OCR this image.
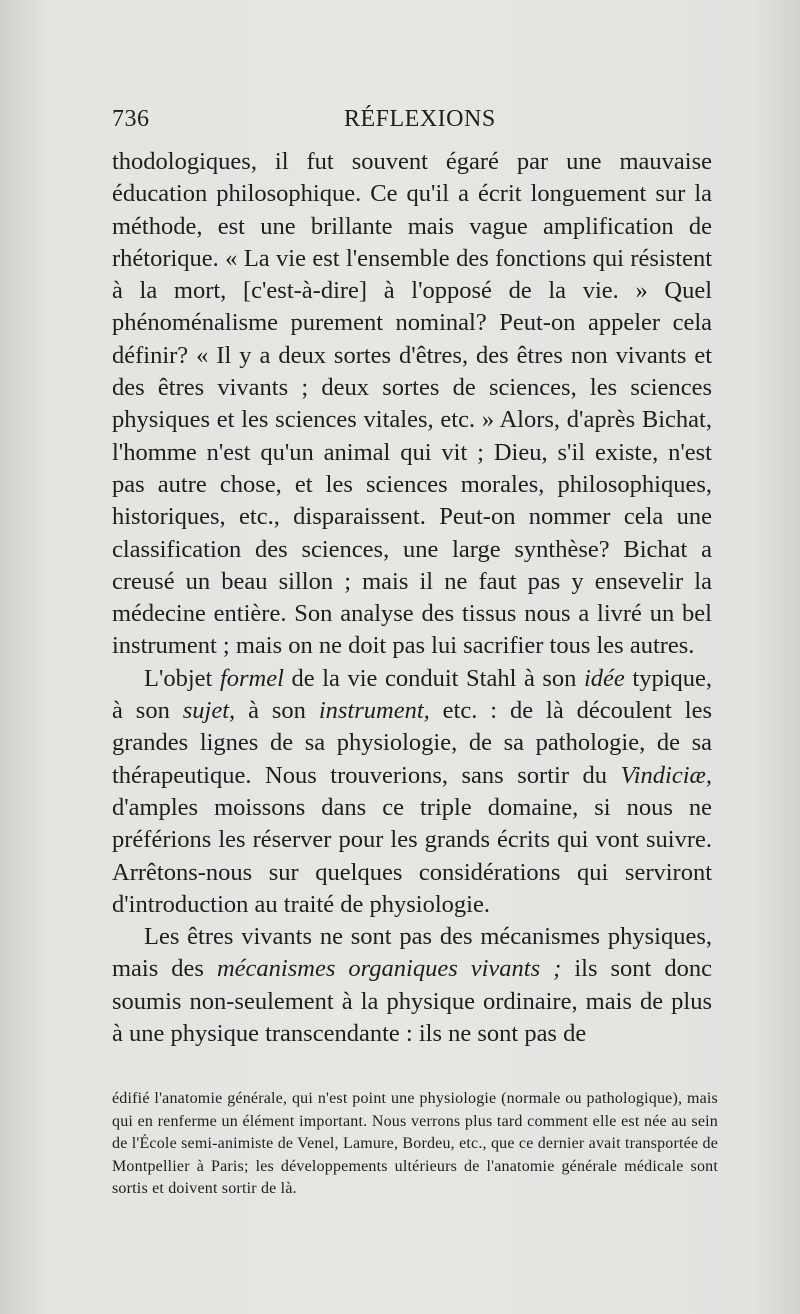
736	RÉFLEXIONS

thodologiques, il fut souvent égaré par une mauvaise éducation philosophique. Ce qu'il a écrit longuement sur la méthode, est une brillante mais vague amplification de rhétorique. « La vie est l'ensemble des fonctions qui résistent à la mort, [c'est-à-dire] à l'opposé de la vie. » Quel phénoménalisme purement nominal? Peut-on appeler cela définir? « Il y a deux sortes d'êtres, des êtres non vivants et des êtres vivants ; deux sortes de sciences, les sciences physiques et les sciences vitales, etc. » Alors, d'après Bichat, l'homme n'est qu'un animal qui vit ; Dieu, s'il existe, n'est pas autre chose, et les sciences morales, philosophiques, historiques, etc., disparaissent. Peut-on nommer cela une classification des sciences, une large synthèse? Bichat a creusé un beau sillon ; mais il ne faut pas y ensevelir la médecine entière. Son analyse des tissus nous a livré un bel instrument ; mais on ne doit pas lui sacrifier tous les autres.

L'objet formel de la vie conduit Stahl à son idée typique, à son sujet, à son instrument, etc. : de là découlent les grandes lignes de sa physiologie, de sa pathologie, de sa thérapeutique. Nous trouverions, sans sortir du Vindiciæ, d'amples moissons dans ce triple domaine, si nous ne préférions les réserver pour les grands écrits qui vont suivre. Arrêtons-nous sur quelques considérations qui serviront d'introduction au traité de physiologie.

Les êtres vivants ne sont pas des mécanismes physiques, mais des mécanismes organiques vivants ; ils sont donc soumis non-seulement à la physique ordinaire, mais de plus à une physique transcendante : ils ne sont pas de

édifié l'anatomie générale, qui n'est point une physiologie (normale ou pathologique), mais qui en renferme un élément important. Nous verrons plus tard comment elle est née au sein de l'École semi-animiste de Venel, Lamure, Bordeu, etc., que ce dernier avait transportée de Montpellier à Paris; les développements ultérieurs de l'anatomie générale médicale sont sortis et doivent sortir de là.
